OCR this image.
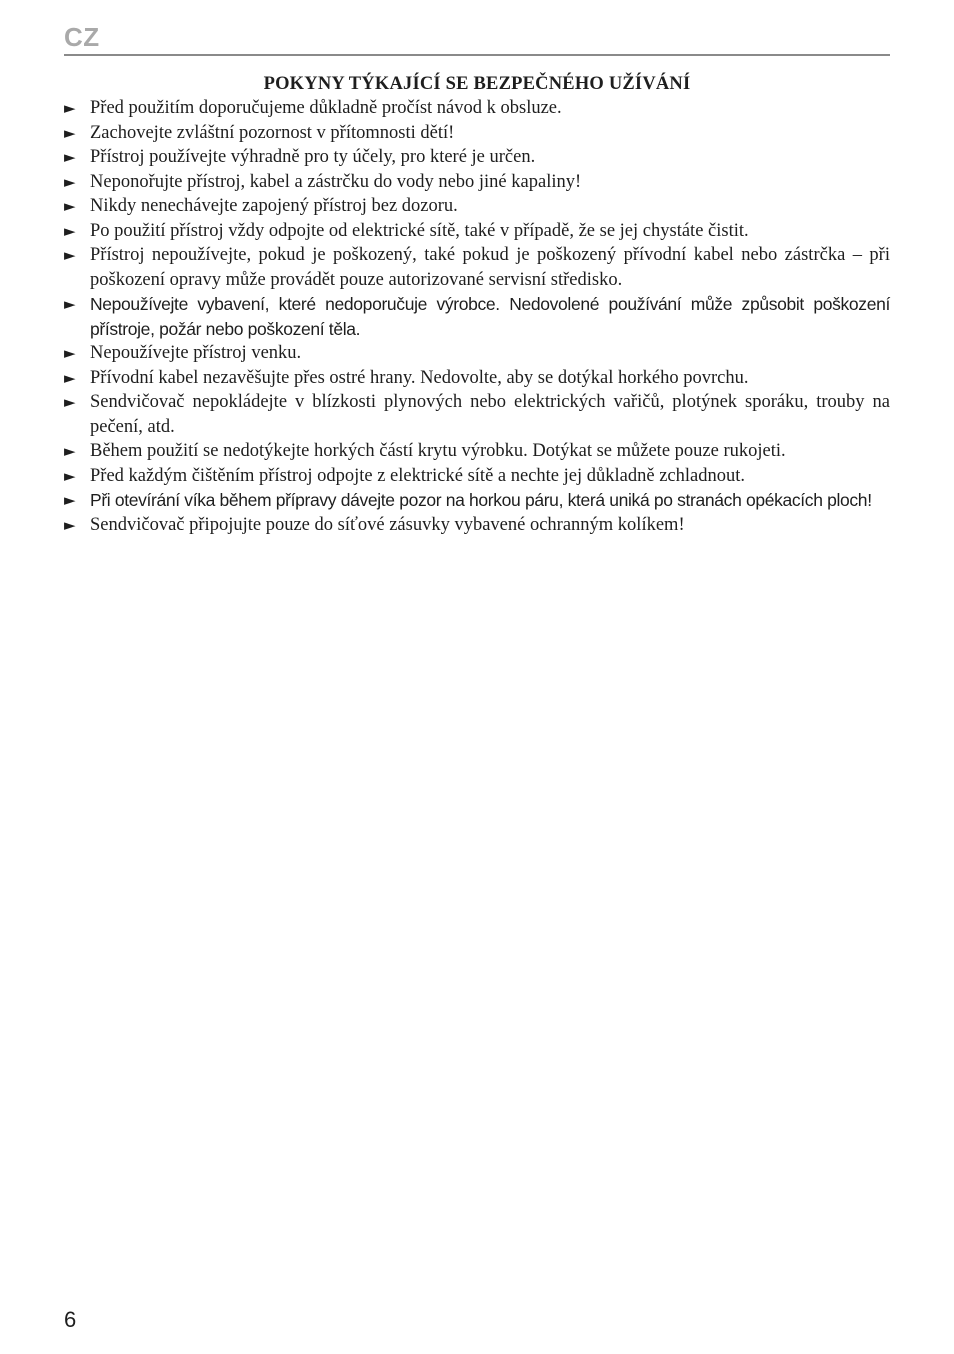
CZ
POKYNY TÝKAJÍCÍ SE BEZPEČNÉHO UŽÍVÁNÍ
► Před použitím doporučujeme důkladně pročíst návod k obsluze.
► Zachovejte zvláštní pozornost v přítomnosti dětí!
► Přístroj používejte výhradně pro ty účely, pro které je určen.
► Neponořujte přístroj, kabel a zástrčku do vody nebo jiné kapaliny!
► Nikdy nenechávejte zapojený přístroj bez dozoru.
► Po použití přístroj vždy odpojte od elektrické sítě, také v případě, že se jej chystáte čistit.
► Přístroj nepoužívejte, pokud je poškozený, také pokud je poškozený přívodní kabel nebo zástrčka – při poškození opravy může provádět pouze autorizované servisní středisko.
► Nepoužívejte vybavení, které nedoporučuje výrobce. Nedovolené používání může způsobit poškození přístroje, požár nebo poškození těla.
► Nepoužívejte přístroj venku.
► Přívodní kabel nezavěšujte přes ostré hrany. Nedovolte, aby se dotýkal horkého povrchu.
► Sendvičovač nepokládejte v blízkosti plynových nebo elektrických vařičů, plotýnek sporáku, trouby na pečení, atd.
► Během použití se nedotýkejte horkých částí krytu výrobku. Dotýkat se můžete pouze rukojeti.
► Před každým čištěním přístroj odpojte z elektrické sítě a nechte jej důkladně zchladnout.
► Při otevírání víka během přípravy dávejte pozor na horkou páru, která uniká po stranách opékacích ploch!
► Sendvičovač připojujte pouze do síťové zásuvky vybavené ochranným kolíkem!
6
